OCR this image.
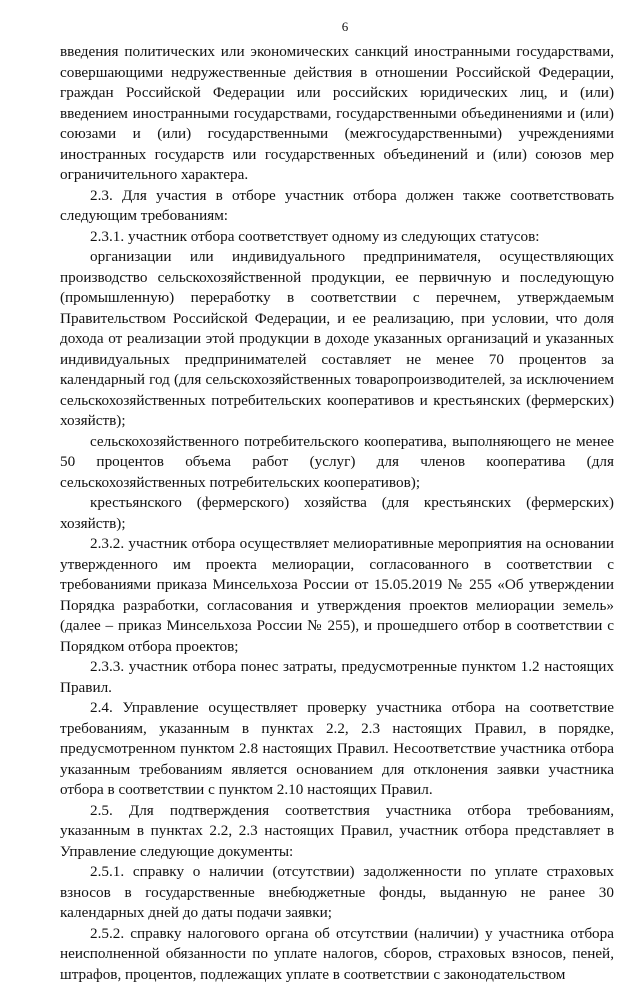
6

введения политических или экономических санкций иностранными государствами, совершающими недружественные действия в отношении Российской Федерации, граждан Российской Федерации или российских юридических лиц, и (или) введением иностранными государствами, государственными объединениями и (или) союзами и (или) государственными (межгосударственными) учреждениями иностранных государств или государственных объединений и (или) союзов мер ограничительного характера.

2.3. Для участия в отборе участник отбора должен также соответствовать следующим требованиям:

2.3.1. участник отбора соответствует одному из следующих статусов:

организации или индивидуального предпринимателя, осуществляющих производство сельскохозяйственной продукции, ее первичную и последующую (промышленную) переработку в соответствии с перечнем, утверждаемым Правительством Российской Федерации, и ее реализацию, при условии, что доля дохода от реализации этой продукции в доходе указанных организаций и указанных индивидуальных предпринимателей составляет не менее 70 процентов за календарный год (для сельскохозяйственных товаропроизводителей, за исключением сельскохозяйственных потребительских кооперативов и крестьянских (фермерских) хозяйств);

сельскохозяйственного потребительского кооператива, выполняющего не менее 50 процентов объема работ (услуг) для членов кооператива (для сельскохозяйственных потребительских кооперативов);

крестьянского (фермерского) хозяйства (для крестьянских (фермерских) хозяйств);

2.3.2. участник отбора осуществляет мелиоративные мероприятия на основании утвержденного им проекта мелиорации, согласованного в соответствии с требованиями приказа Минсельхоза России от 15.05.2019 № 255 «Об утверждении Порядка разработки, согласования и утверждения проектов мелиорации земель» (далее – приказ Минсельхоза России № 255), и прошедшего отбор в соответствии с Порядком отбора проектов;

2.3.3. участник отбора понес затраты, предусмотренные пунктом 1.2 настоящих Правил.

2.4. Управление осуществляет проверку участника отбора на соответствие требованиям, указанным в пунктах 2.2, 2.3 настоящих Правил, в порядке, предусмотренном пунктом 2.8 настоящих Правил. Несоответствие участника отбора указанным требованиям является основанием для отклонения заявки участника отбора в соответствии с пунктом 2.10 настоящих Правил.

2.5. Для подтверждения соответствия участника отбора требованиям, указанным в пунктах 2.2, 2.3 настоящих Правил, участник отбора представляет в Управление следующие документы:

2.5.1. справку о наличии (отсутствии) задолженности по уплате страховых взносов в государственные внебюджетные фонды, выданную не ранее 30 календарных дней до даты подачи заявки;

2.5.2. справку налогового органа об отсутствии (наличии) у участника отбора неисполненной обязанности по уплате налогов, сборов, страховых взносов, пеней, штрафов, процентов, подлежащих уплате в соответствии с законодательством
